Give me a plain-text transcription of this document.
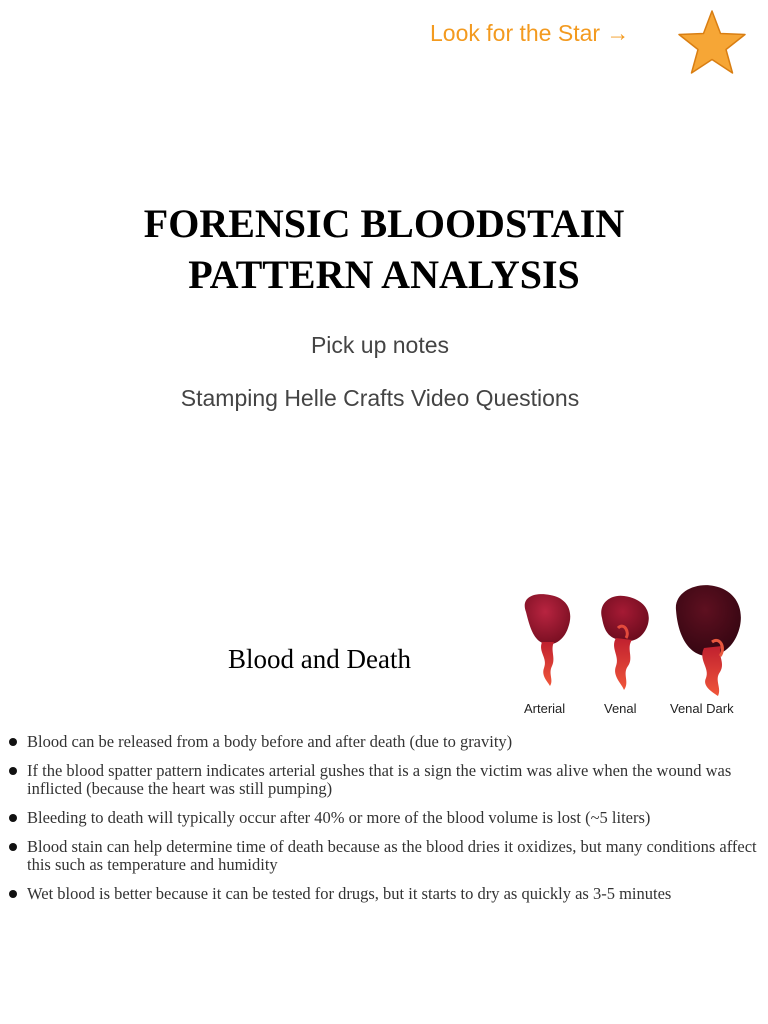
Look for the Star →
FORENSIC BLOODSTAIN
PATTERN ANALYSIS
Pick up notes
Stamping Helle Crafts Video Questions
Blood and Death
Arterial	Venal	Venal Dark
Blood can be released from a body before and after death (due to gravity)
If the blood spatter pattern indicates arterial gushes that is a sign the victim was alive when the wound was inflicted (because the heart was still pumping)
Bleeding to death will typically occur after 40% or more of the blood volume is lost (~5 liters)
Blood stain can help determine time of death because as the blood dries it oxidizes, but many conditions affect this such as temperature and humidity
Wet blood is better because it can be tested for drugs, but it starts to dry as quickly as 3-5 minutes
